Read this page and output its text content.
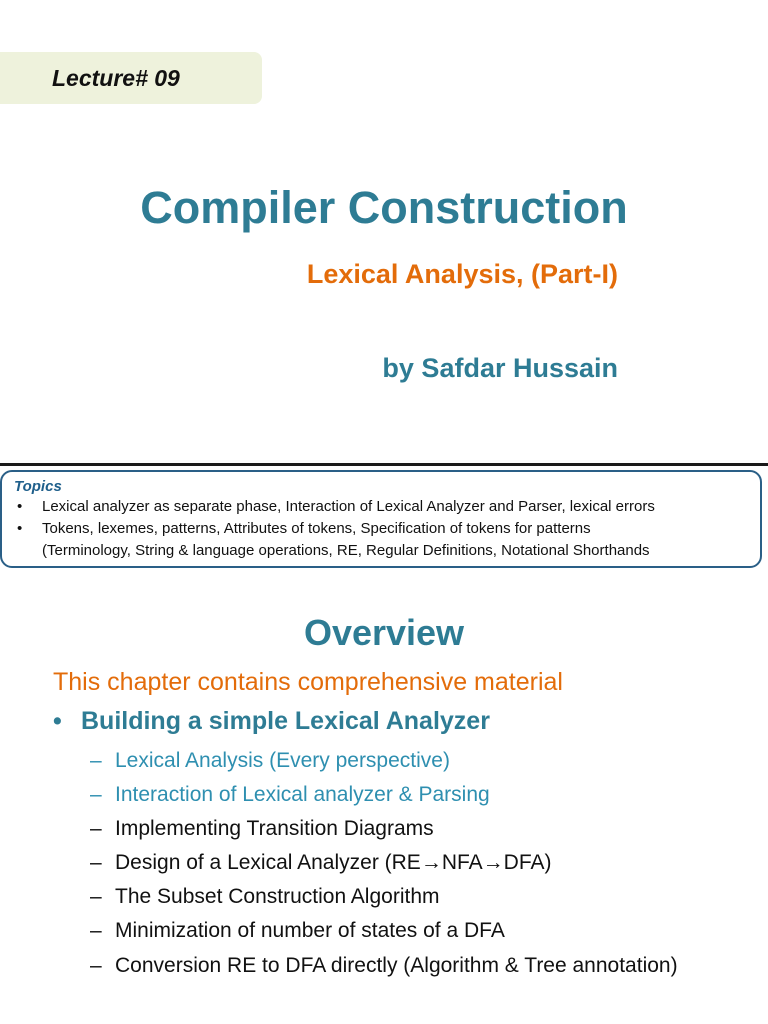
Lecture# 09
Compiler Construction
Lexical Analysis, (Part-I)
by Safdar Hussain
Topics
• Lexical analyzer as separate phase, Interaction of Lexical Analyzer and Parser, lexical errors
• Tokens, lexemes, patterns, Attributes of tokens, Specification of tokens for patterns
(Terminology, String & language operations, RE, Regular Definitions, Notational Shorthands
Overview
This chapter contains comprehensive material
• Building a simple Lexical Analyzer
– Lexical Analysis (Every perspective)
– Interaction of Lexical analyzer & Parsing
– Implementing Transition Diagrams
– Design of a Lexical Analyzer (RE→NFA→DFA)
– The Subset Construction Algorithm
– Minimization of number of states of a DFA
– Conversion RE to DFA directly (Algorithm & Tree annotation)
